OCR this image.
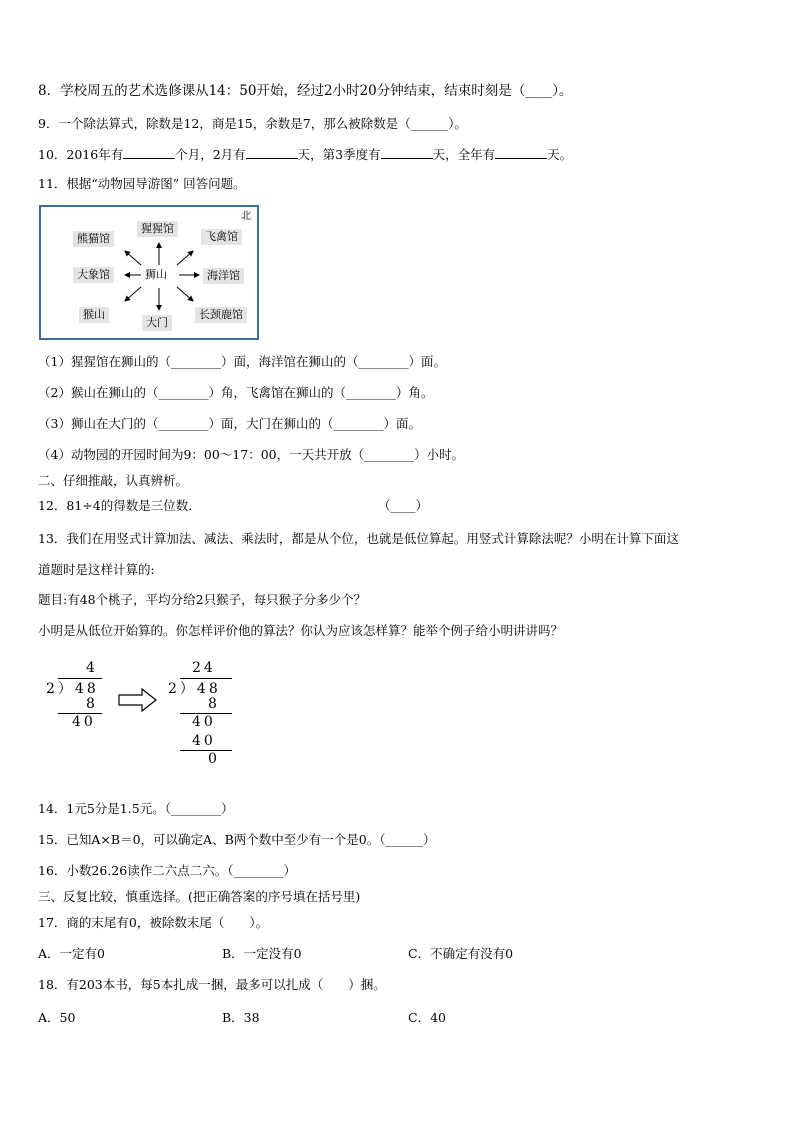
8．学校周五的艺术选修课从14：50开始，经过2小时20分钟结束，结束时刻是（____）。
9．一个除法算式，除数是12，商是15，余数是7，那么被除数是（______）。
10．2016年有	个月，2月有	天，第3季度有	天，全年有	天。
11．根据“动物园导游图” 回答问题。
北
熊猫馆
猩猩馆
飞禽馆
大象馆	狮山	海洋馆
猴山
大门
长颈鹿馆
（1）猩猩馆在狮山的（________）面，海洋馆在狮山的（________）面。
（2）猴山在狮山的（________）角，飞禽馆在狮山的（________）角。
（3）狮山在大门的（________）面，大门在狮山的（________）面。
（4）动物园的开园时间为9：00～17：00，一天共开放（________）小时。
二、仔细推敲，认真辨析。
12．81÷4的得数是三位数．	（____）
13．我们在用竖式计算加法、减法、乘法时，都是从个位，也就是低位算起。用竖式计算除法呢？小明在计算下面这
道题时是这样计算的:
题目:有48个桃子，平均分给2只猴子，每只猴子分多少个？
小明是从低位开始算的。你怎样评价他的算法？你认为应该怎样算？能举个例子给小明讲讲吗？
4
2）48
8
40
24
2）48
8
40
40
0
14．1元5分是1.5元。（________）
15．已知A×B＝0，可以确定A、B两个数中至少有一个是0。（______）
16．小数26.26读作二六点二六。（________）
三、反复比较，慎重选择。(把正确答案的序号填在括号里)
17．商的末尾有0，被除数末尾（　　）。
A．一定有0	B．一定没有0	C．不确定有没有0
18．有203本书，每5本扎成一捆，最多可以扎成（　　）捆。
A．50	B．38	C．40
